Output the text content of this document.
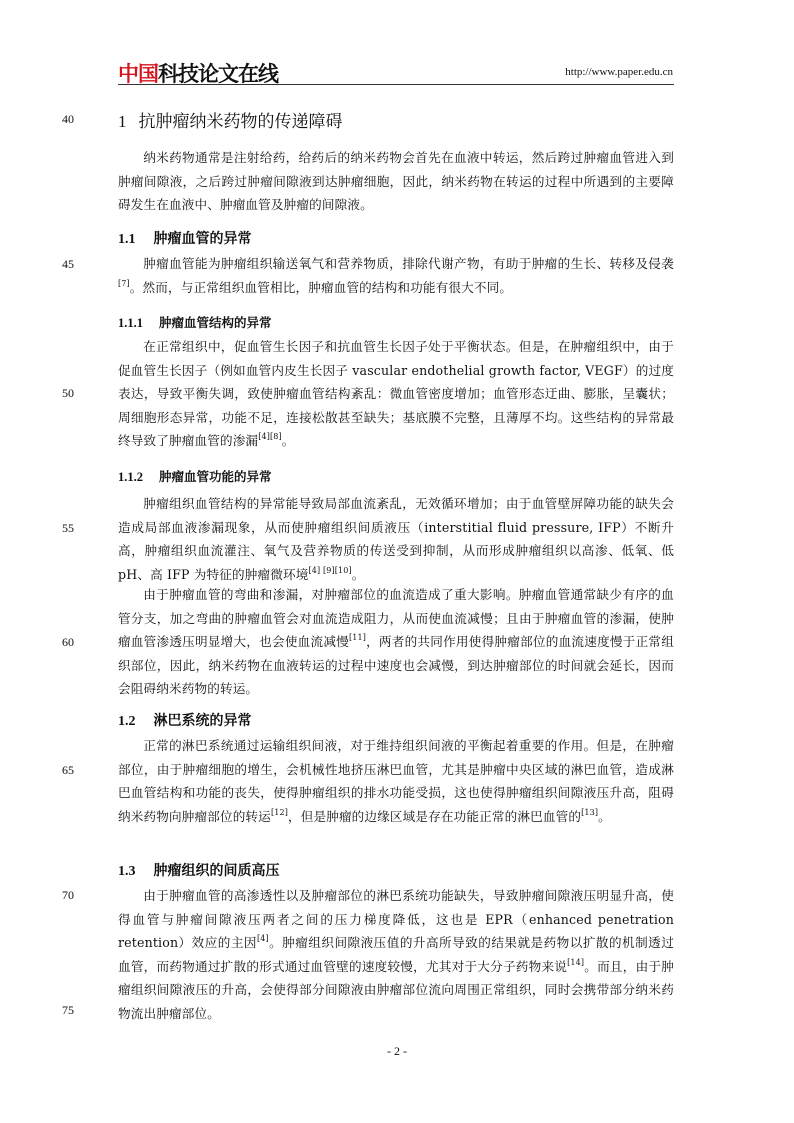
中国科技论文在线	http://www.paper.edu.cn
40
45
50
55
60
65
70
75
1 抗肿瘤纳米药物的传递障碍
纳米药物通常是注射给药，给药后的纳米药物会首先在血液中转运，然后跨过肿瘤血管进入到肿瘤间隙液，之后跨过肿瘤间隙液到达肿瘤细胞，因此，纳米药物在转运的过程中所遇到的主要障碍发生在血液中、肿瘤血管及肿瘤的间隙液。
1.1 肿瘤血管的异常
肿瘤血管能为肿瘤组织输送氧气和营养物质，排除代谢产物，有助于肿瘤的生长、转移及侵袭[7]。然而，与正常组织血管相比，肿瘤血管的结构和功能有很大不同。
1.1.1 肿瘤血管结构的异常
在正常组织中，促血管生长因子和抗血管生长因子处于平衡状态。但是，在肿瘤组织中，由于促血管生长因子（例如血管内皮生长因子 vascular endothelial growth factor, VEGF）的过度表达，导致平衡失调，致使肿瘤血管结构紊乱：微血管密度增加；血管形态迂曲、膨胀，呈囊状；周细胞形态异常，功能不足，连接松散甚至缺失；基底膜不完整，且薄厚不均。这些结构的异常最终导致了肿瘤血管的渗漏[4][8]。
1.1.2 肿瘤血管功能的异常
肿瘤组织血管结构的异常能导致局部血流紊乱，无效循环增加；由于血管壁屏障功能的缺失会造成局部血液渗漏现象，从而使肿瘤组织间质液压（interstitial fluid pressure, IFP）不断升高，肿瘤组织血流灌注、氧气及营养物质的传送受到抑制，从而形成肿瘤组织以高渗、低氧、低 pH、高 IFP 为特征的肿瘤微环境[4] [9][10]。
由于肿瘤血管的弯曲和渗漏，对肿瘤部位的血流造成了重大影响。肿瘤血管通常缺少有序的血管分支，加之弯曲的肿瘤血管会对血流造成阻力，从而使血流减慢；且由于肿瘤血管的渗漏，使肿瘤血管渗透压明显增大，也会使血流减慢[11]，两者的共同作用使得肿瘤部位的血流速度慢于正常组织部位，因此，纳米药物在血液转运的过程中速度也会减慢，到达肿瘤部位的时间就会延长，因而会阻碍纳米药物的转运。
1.2 淋巴系统的异常
正常的淋巴系统通过运输组织间液，对于维持组织间液的平衡起着重要的作用。但是，在肿瘤部位，由于肿瘤细胞的增生，会机械性地挤压淋巴血管，尤其是肿瘤中央区域的淋巴血管，造成淋巴血管结构和功能的丧失，使得肿瘤组织的排水功能受损，这也使得肿瘤组织间隙液压升高，阻碍纳米药物向肿瘤部位的转运[12]，但是肿瘤的边缘区域是存在功能正常的淋巴血管的[13]。
1.3 肿瘤组织的间质高压
由于肿瘤血管的高渗透性以及肿瘤部位的淋巴系统功能缺失，导致肿瘤间隙液压明显升高，使得血管与肿瘤间隙液压两者之间的压力梯度降低，这也是 EPR（enhanced penetration retention）效应的主因[4]。肿瘤组织间隙液压值的升高所导致的结果就是药物以扩散的机制透过血管，而药物通过扩散的形式通过血管壁的速度较慢，尤其对于大分子药物来说[14]。而且，由于肿瘤组织间隙液压的升高，会使得部分间隙液由肿瘤部位流向周围正常组织，同时会携带部分纳米药物流出肿瘤部位。
- 2 -
